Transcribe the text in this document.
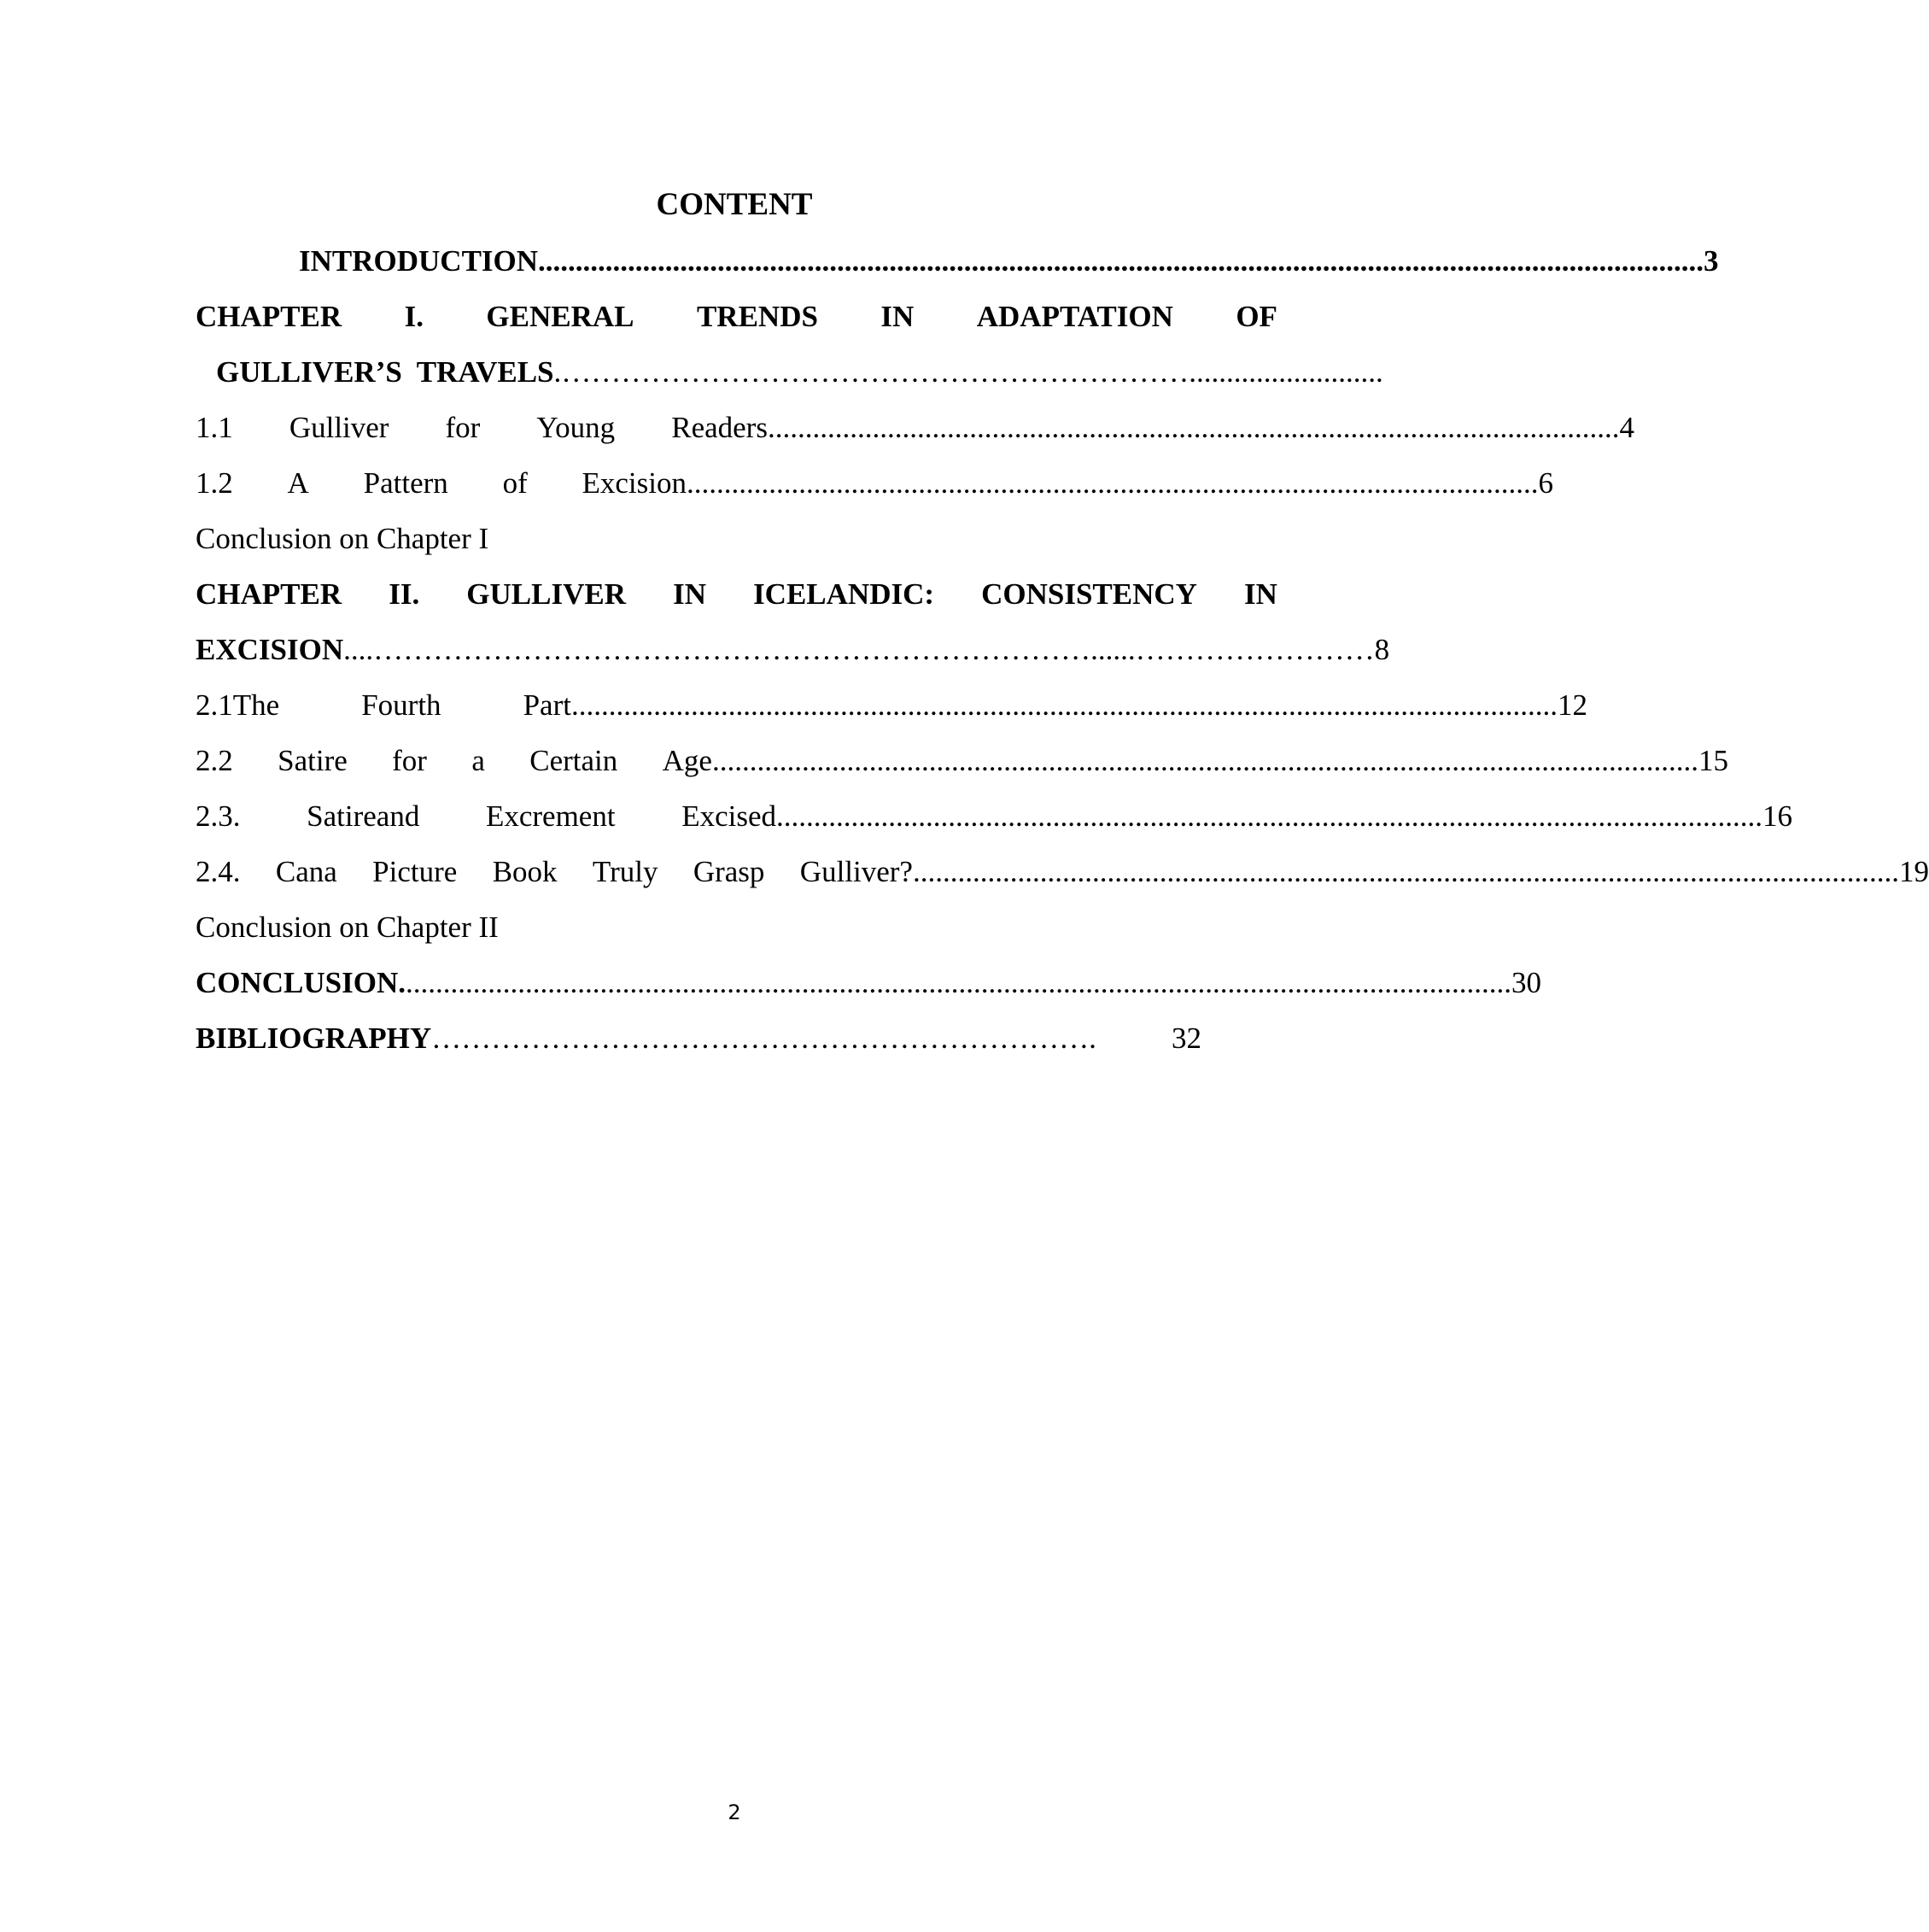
CONTENT
INTRODUCTION ............................................................................................................................................................ 3
CHAPTER I. GENERAL TRENDS IN ADAPTATION OF
GULLIVER’S  TRAVELS .………………………………………………………..........................
1.1 Gulliver for Young Readers .................................................................................................................. 4
1.2 A Pattern of Excision .................................................................................................................. 6
Conclusion on Chapter I
CHAPTER II. GULLIVER IN ICELANDIC: CONSISTENCY IN
EXCISION ....………………………………………………………………......…………………… 8
2.1The	Fourth	Part .................................................................................................................................... 12
2.2 Satire for a Certain Age .................................................................................................................................... 15
2.3. Satireand Excrement Excised .................................................................................................................................... 16
2.4. Cana Picture Book Truly Grasp Gulliver? .................................................................................................................................... 19
Conclusion on Chapter II
CONCLUSION. .................................................................................................................................................... 30
BIBLIOGRAPHY ………………………………………………………….	32
2
